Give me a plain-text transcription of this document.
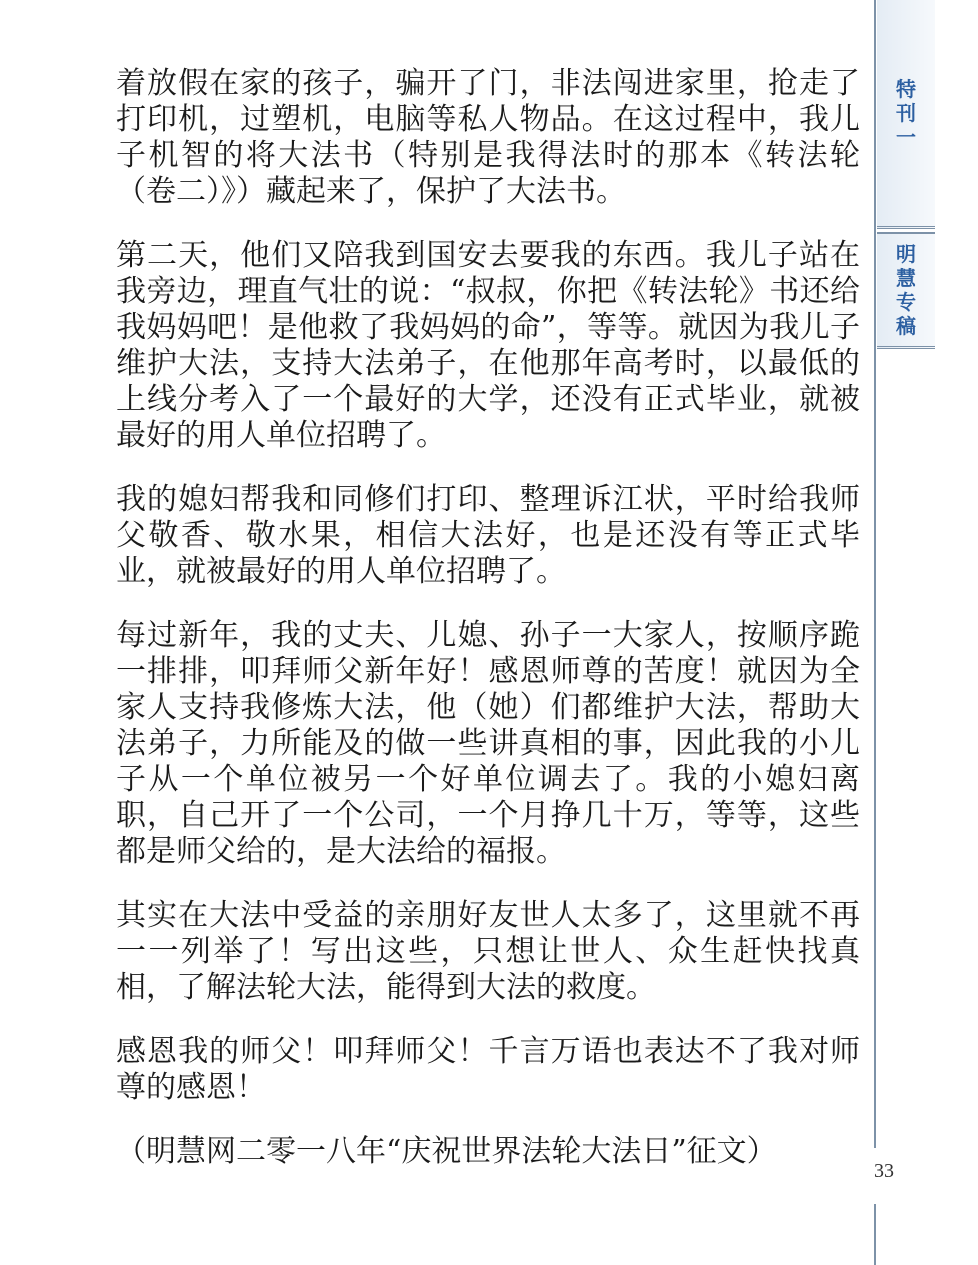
着放假在家的孩子，骗开了门，非法闯进家里，抢走了打印机，过塑机，电脑等私人物品。在这过程中，我儿子机智的将大法书（特别是我得法时的那本《转法轮（卷二）》）藏起来了，保护了大法书。

第二天，他们又陪我到国安去要我的东西。我儿子站在我旁边，理直气壮的说：“叔叔，你把《转法轮》书还给我妈妈吧！是他救了我妈妈的命”，等等。就因为我儿子维护大法，支持大法弟子，在他那年高考时，以最低的上线分考入了一个最好的大学，还没有正式毕业，就被最好的用人单位招聘了。

我的媳妇帮我和同修们打印、整理诉江状，平时给我师父敬香、敬水果，相信大法好，也是还没有等正式毕业，就被最好的用人单位招聘了。

每过新年，我的丈夫、儿媳、孙子一大家人，按顺序跪一排排，叩拜师父新年好！感恩师尊的苦度！就因为全家人支持我修炼大法，他（她）们都维护大法，帮助大法弟子，力所能及的做一些讲真相的事，因此我的小儿子从一个单位被另一个好单位调去了。我的小媳妇离职，自己开了一个公司，一个月挣几十万，等等，这些都是师父给的，是大法给的福报。

其实在大法中受益的亲朋好友世人太多了，这里就不再一一列举了！写出这些，只想让世人、众生赶快找真相，了解法轮大法，能得到大法的救度。

感恩我的师父！叩拜师父！千言万语也表达不了我对师尊的感恩！

（明慧网二零一八年“庆祝世界法轮大法日”征文）

特
刊
一
明
慧
专
稿
33
